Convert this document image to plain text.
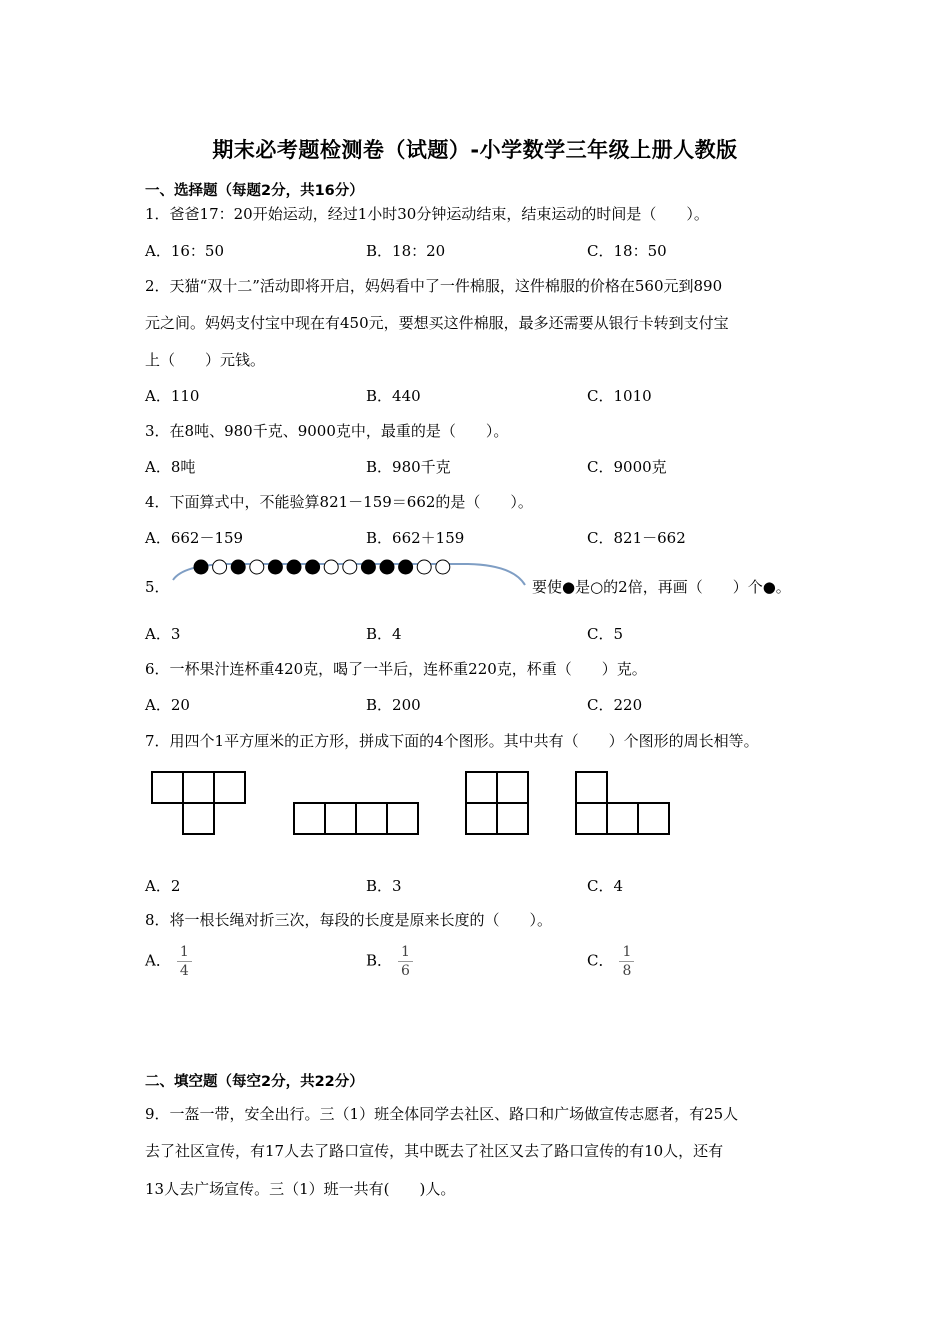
期末必考题检测卷（试题）-小学数学三年级上册人教版
一、选择题（每题2分，共16分）
1．爸爸17：20开始运动，经过1小时30分钟运动结束，结束运动的时间是（　　）。
A．16：50	B．18：20	C．18：50
2．天猫“双十二”活动即将开启，妈妈看中了一件棉服，这件棉服的价格在560元到890
元之间。妈妈支付宝中现在有450元，要想买这件棉服，最多还需要从银行卡转到支付宝
上（　　）元钱。
A．110	B．440	C．1010
3．在8吨、980千克、9000克中，最重的是（　　）。
A．8吨	B．980千克	C．9000克
4．下面算式中，不能验算821－159＝662的是（　　）。
A．662－159	B．662＋159	C．821－662
5．	要使●是○的2倍，再画（　　）个●。
A．3	B．4	C．5
6．一杯果汁连杯重420克，喝了一半后，连杯重220克，杯重（　　）克。
A．20	B．200	C．220
7．用四个1平方厘米的正方形，拼成下面的4个图形。其中共有（　　）个图形的周长相等。
A．2	B．3	C．4
8．将一根长绳对折三次，每段的长度是原来长度的（　　）。
A． $\frac{1}{4}$	B． $\frac{1}{6}$	C． $\frac{1}{8}$
二、填空题（每空2分，共22分）
9．一盔一带，安全出行。三（1）班全体同学去社区、路口和广场做宣传志愿者，有25人
去了社区宣传，有17人去了路口宣传，其中既去了社区又去了路口宣传的有10人，还有
13人去广场宣传。三（1）班一共有(　　)人。
